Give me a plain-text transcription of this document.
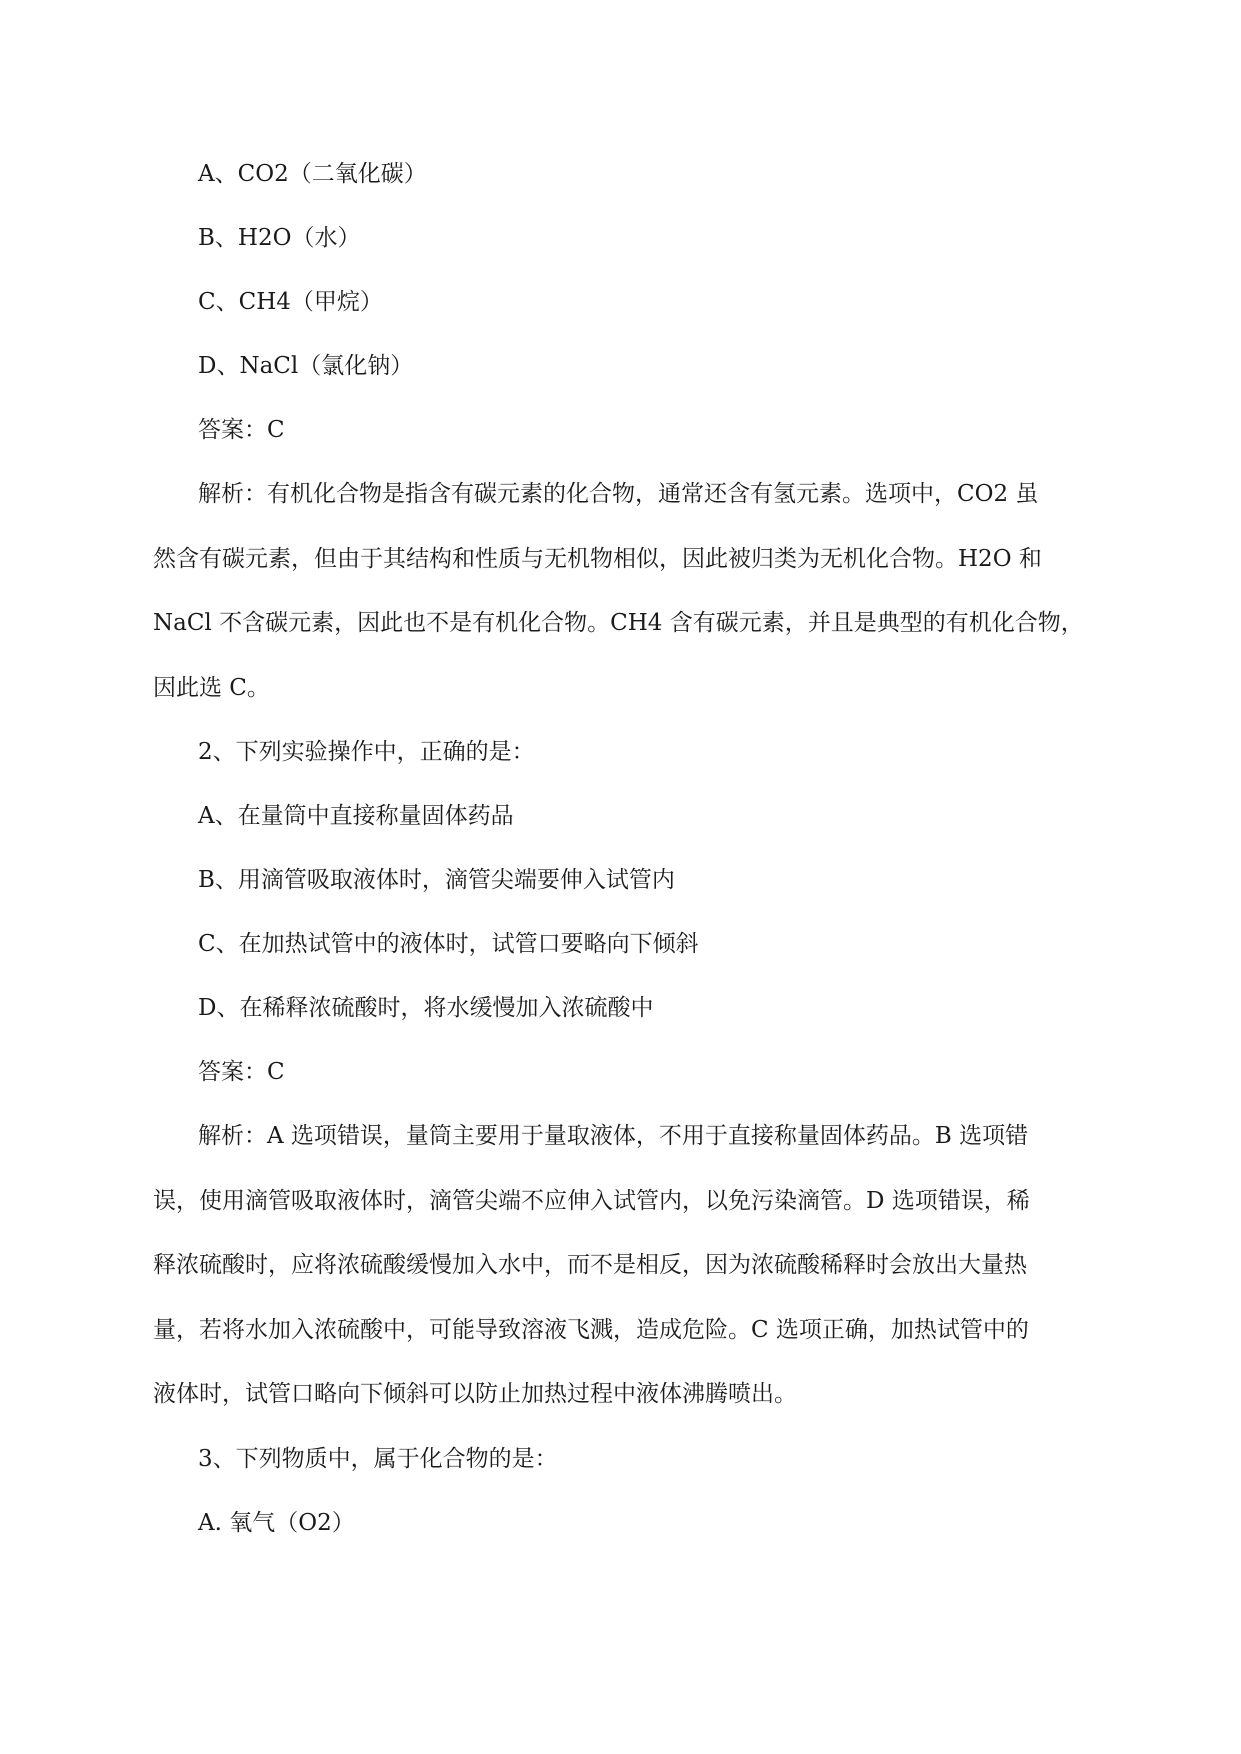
A、CO2（二氧化碳）

B、H2O（水）

C、CH4（甲烷）

D、NaCl（氯化钠）

答案：C

解析：有机化合物是指含有碳元素的化合物，通常还含有氢元素。选项中，CO2 虽
然含有碳元素，但由于其结构和性质与无机物相似，因此被归类为无机化合物。H2O 和
NaCl 不含碳元素，因此也不是有机化合物。CH4 含有碳元素，并且是典型的有机化合物，
因此选 C。

2、下列实验操作中，正确的是：

A、在量筒中直接称量固体药品

B、用滴管吸取液体时，滴管尖端要伸入试管内

C、在加热试管中的液体时，试管口要略向下倾斜

D、在稀释浓硫酸时，将水缓慢加入浓硫酸中

答案：C

解析：A 选项错误，量筒主要用于量取液体，不用于直接称量固体药品。B 选项错
误，使用滴管吸取液体时，滴管尖端不应伸入试管内，以免污染滴管。D 选项错误，稀
释浓硫酸时，应将浓硫酸缓慢加入水中，而不是相反，因为浓硫酸稀释时会放出大量热
量，若将水加入浓硫酸中，可能导致溶液飞溅，造成危险。C 选项正确，加热试管中的
液体时，试管口略向下倾斜可以防止加热过程中液体沸腾喷出。

3、下列物质中，属于化合物的是：

A. 氧气（O2）
